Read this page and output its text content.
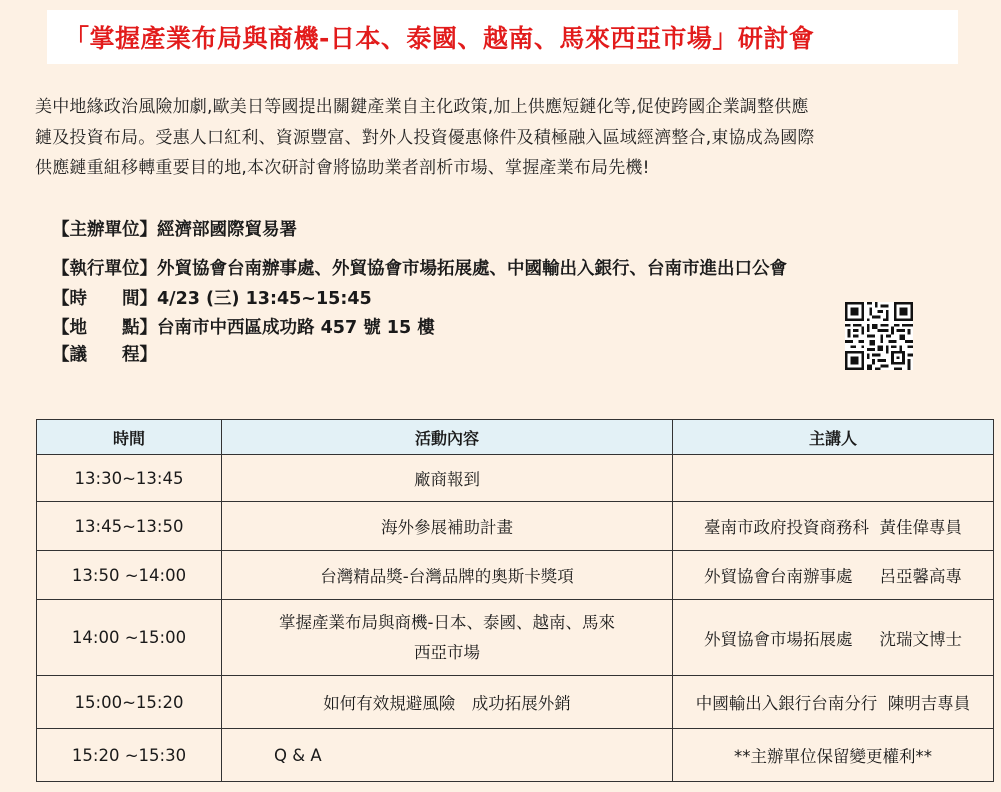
「掌握產業布局與商機-日本、泰國、越南、馬來西亞市場」研討會
美中地緣政治風險加劇,歐美日等國提出關鍵產業自主化政策,加上供應短鏈化等,促使跨國企業調整供應
鏈及投資布局。受惠人口紅利、資源豐富、對外人投資優惠條件及積極融入區域經濟整合,東協成為國際
供應鏈重組移轉重要目的地,本次研討會將協助業者剖析市場、掌握產業布局先機!
【主辦單位】經濟部國際貿易署
【執行單位】外貿協會台南辦事處、外貿協會市場拓展處、中國輸出入銀行、台南市進出口公會
【時　　間】4/23 (三) 13:45~15:45
【地　　點】台南市中西區成功路 457 號 15 樓
【議　　程】
時間	活動內容	主講人
13:30~13:45	廠商報到	
13:45~13:50	海外參展補助計畫	臺南市政府投資商務科  黃佳偉專員
13:50 ~14:00	台灣精品獎-台灣品牌的奧斯卡獎項	外貿協會台南辦事處　  呂亞馨高專
14:00 ~15:00	掌握產業布局與商機-日本、泰國、越南、馬來
西亞市場	外貿協會市場拓展處　  沈瑞文博士
15:00~15:20	如何有效規避風險　成功拓展外銷	中國輸出入銀行台南分行  陳明吉專員
15:20 ~15:30	Q & A	**主辦單位保留變更權利**
